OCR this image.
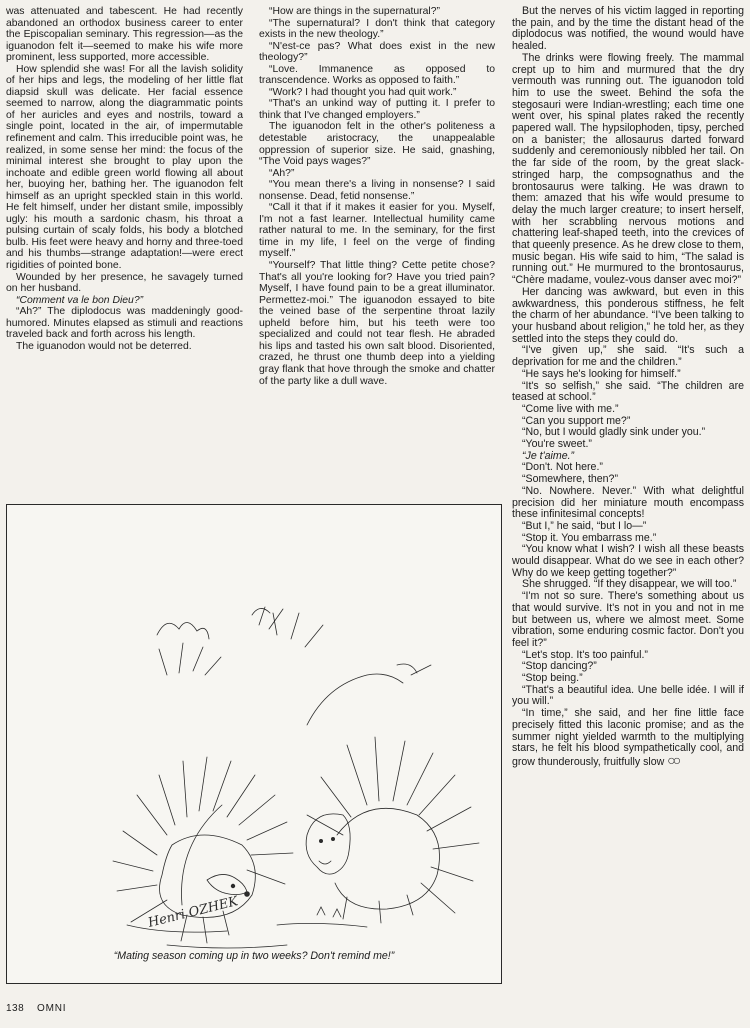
was attenuated and tabescent. He had recently abandoned an orthodox business career to enter the Episcopalian seminary. This regression—as the iguanodon felt it—seemed to make his wife more prominent, less supported, more accessible.

How splendid she was! For all the lavish solidity of her hips and legs, the modeling of her little flat diapsid skull was delicate. Her facial essence seemed to narrow, along the diagrammatic points of her auricles and eyes and nostrils, toward a single point, located in the air, of impermutable refinement and calm. This irreducible point was, he realized, in some sense her mind: the focus of the minimal interest she brought to play upon the inchoate and edible green world flowing all about her, buoying her, bathing her. The iguanodon felt himself as an upright speckled stain in this world. He felt himself, under her distant smile, impossibly ugly: his mouth a sardonic chasm, his throat a pulsing curtain of scaly folds, his body a blotched bulb. His feet were heavy and horny and three-toed and his thumbs—strange adaptation!—were erect rigidities of pointed bone.

Wounded by her presence, he savagely turned on her husband.

“Comment va le bon Dieu?”

“Ah?” The diplodocus was maddeningly good-humored. Minutes elapsed as stimuli and reactions traveled back and forth across his length.

The iguanodon would not be deterred.

“How are things in the supernatural?”

“The supernatural? I don't think that category exists in the new theology.”

“N'est-ce pas? What does exist in the new theology?”

“Love. Immanence as opposed to transcendence. Works as opposed to faith.”

“Work? I had thought you had quit work.”

“That's an unkind way of putting it. I prefer to think that I've changed employers.”

The iguanodon felt in the other's politeness a detestable aristocracy, the unappealable oppression of superior size. He said, gnashing, “The Void pays wages?”

“Ah?”

“You mean there's a living in nonsense? I said nonsense. Dead, fetid nonsense.”

“Call it that if it makes it easier for you. Myself, I'm not a fast learner. Intellectual humility came rather natural to me. In the seminary, for the first time in my life, I feel on the verge of finding myself.”

“Yourself? That little thing? Cette petite chose? That's all you're looking for? Have you tried pain? Myself, I have found pain to be a great illuminator. Permettez-moi.” The iguanodon essayed to bite the veined base of the serpentine throat lazily upheld before him, but his teeth were too specialized and could not tear flesh. He abraded his lips and tasted his own salt blood. Disoriented, crazed, he thrust one thumb deep into a yielding gray flank that hove through the smoke and chatter of the party like a dull wave.

But the nerves of his victim lagged in reporting the pain, and by the time the distant head of the diplodocus was notified, the wound would have healed.

The drinks were flowing freely. The mammal crept up to him and murmured that the dry vermouth was running out. The iguanodon told him to use the sweet. Behind the sofa the stegosauri were Indian-wrestling; each time one went over, his spinal plates raked the recently papered wall. The hypsilophoden, tipsy, perched on a banister; the allosaurus darted forward suddenly and ceremoniously nibbled her tail. On the far side of the room, by the great slack-stringed harp, the compsognathus and the brontosaurus were talking. He was drawn to them: amazed that his wife would presume to delay the much larger creature; to insert herself, with her scrabbling nervous motions and chattering leaf-shaped teeth, into the crevices of that queenly presence. As he drew close to them, music began. His wife said to him, “The salad is running out.” He murmured to the brontosaurus, “Chère madame, voulez-vous danser avec moi?”

Her dancing was awkward, but even in this awkwardness, this ponderous stiffness, he felt the charm of her abundance. “I've been talking to your husband about religion,” he told her, as they settled into the steps they could do.

“I've given up,” she said. “It's such a deprivation for me and the children.”

“He says he's looking for himself.”

“It's so selfish,” she said. “The children are teased at school.”

“Come live with me.”

“Can you support me?”

“No, but I would gladly sink under you.”

“You're sweet.”

“Je t'aime.”

“Don't. Not here.”

“Somewhere, then?”

“No. Nowhere. Never.” With what delightful precision did her miniature mouth encompass these infinitesimal concepts!

“But I,” he said, “but I lo—”

“Stop it. You embarrass me.”

“You know what I wish? I wish all these beasts would disappear. What do we see in each other? Why do we keep getting together?”

She shrugged. “If they disappear, we will too.”

“I'm not so sure. There's something about us that would survive. It's not in you and not in me but between us, where we almost meet. Some vibration, some enduring cosmic factor. Don't you feel it?”

“Let's stop. It's too painful.”

“Stop dancing?”

“Stop being.”

“That's a beautiful idea. Une belle idée. I will if you will.”

“In time,” she said, and her fine little face precisely fitted this laconic promise; and as the summer night yielded warmth to the multiplying stars, he felt his blood sympathetically cool, and grow thunderously, fruitfully slow ○○

Henri OZHEK
“Mating season coming up in two weeks? Don't remind me!”
138 OMNI
